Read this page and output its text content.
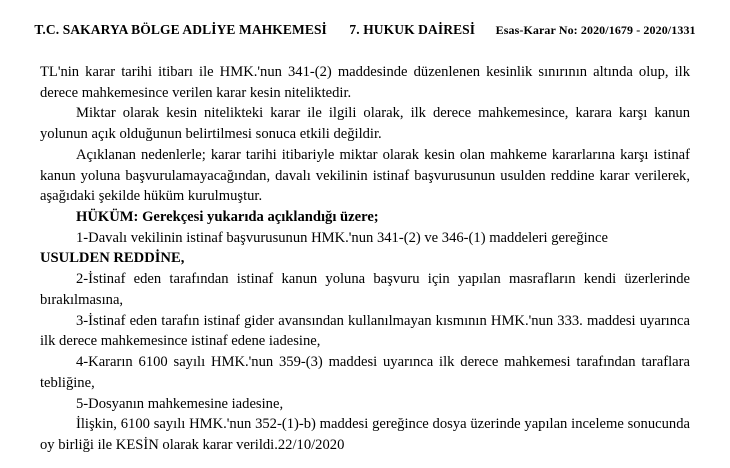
T.C. SAKARYA BÖLGE ADLİYE MAHKEMESİ 7. HUKUK DAİRESİ Esas-Karar No: 2020/1679 - 2020/1331

TL'nin karar tarihi itibarı ile HMK.'nun 341-(2) maddesinde düzenlenen kesinlik sınırının altında olup, ilk derece mahkemesince verilen karar kesin niteliktedir.

Miktar olarak kesin nitelikteki karar ile ilgili olarak, ilk derece mahkemesince, karara karşı kanun yolunun açık olduğunun belirtilmesi sonuca etkili değildir.

Açıklanan nedenlerle; karar tarihi itibariyle miktar olarak kesin olan mahkeme kararlarına karşı istinaf kanun yoluna başvurulamayacağından, davalı vekilinin istinaf başvurusunun usulden reddine karar verilerek, aşağıdaki şekilde hüküm kurulmuştur.

HÜKÜM: Gerekçesi yukarıda açıklandığı üzere;

1-Davalı vekilinin istinaf başvurusunun HMK.'nun 341-(2) ve 346-(1) maddeleri gereğince

USULDEN REDDİNE,

2-İstinaf eden tarafından istinaf kanun yoluna başvuru için yapılan masrafların kendi üzerlerinde bırakılmasına,

3-İstinaf eden tarafın istinaf gider avansından kullanılmayan kısmının HMK.'nun 333. maddesi uyarınca ilk derece mahkemesince istinaf edene iadesine,

4-Kararın 6100 sayılı HMK.'nun 359-(3) maddesi uyarınca ilk derece mahkemesi tarafından taraflara tebliğine,

5-Dosyanın mahkemesine iadesine,

İlişkin, 6100 sayılı HMK.'nun 352-(1)-b) maddesi gereğince dosya üzerinde yapılan inceleme sonucunda oy birliği ile KESİN olarak karar verildi.22/10/2020
